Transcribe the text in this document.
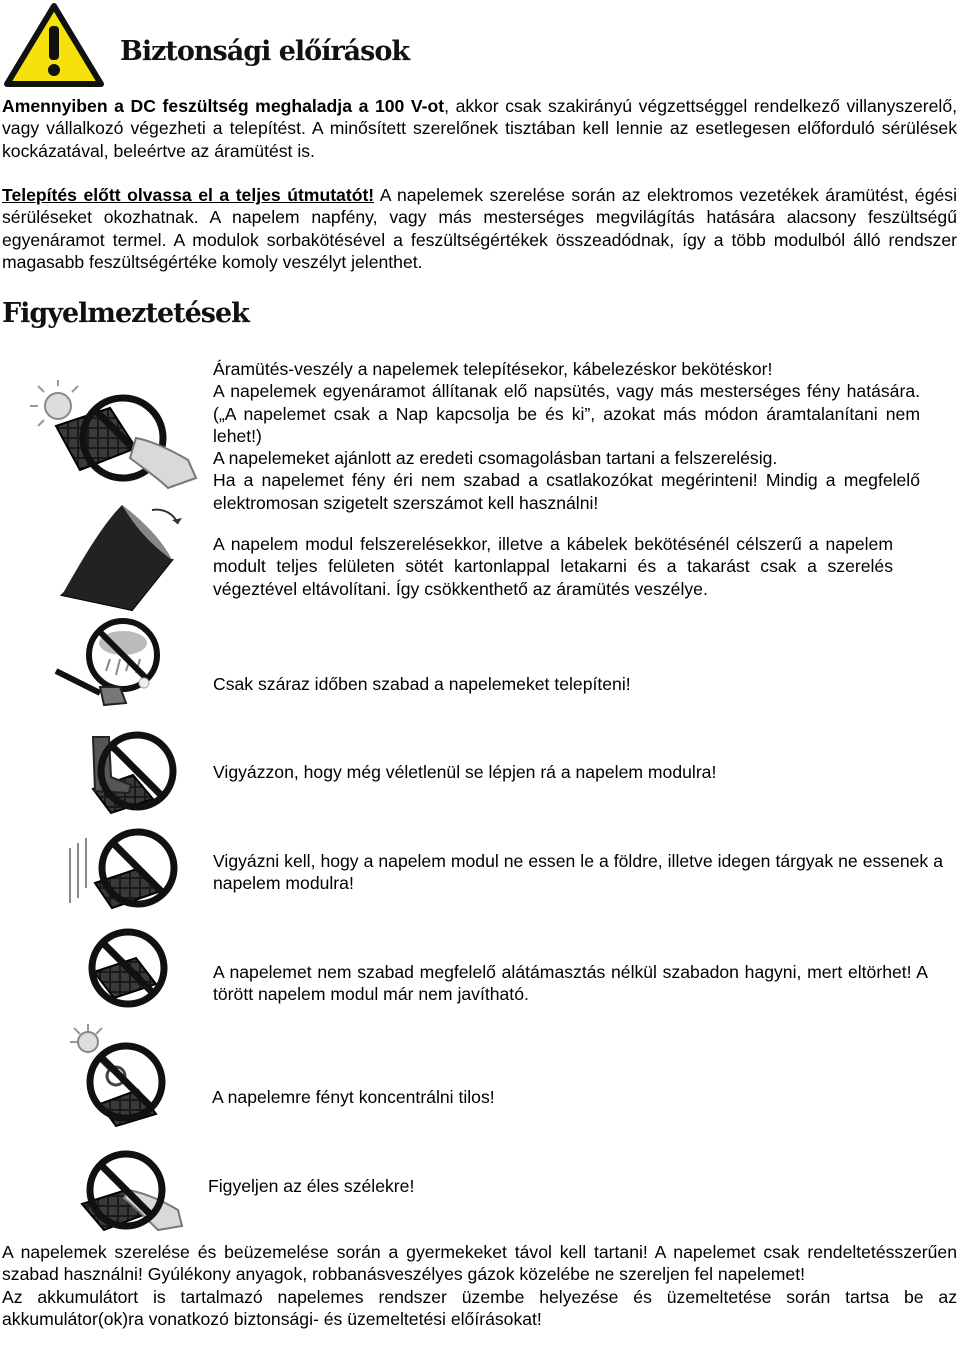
Biztonsági előírások

Amennyiben a DC feszültség meghaladja a 100 V-ot, akkor csak szakirányú végzettséggel rendelkező villanyszerelő, vagy vállalkozó végezheti a telepítést. A minősített szerelőnek tisztában kell lennie az esetlegesen előforduló sérülések kockázatával, beleértve az áramütést is.

Telepítés előtt olvassa el a teljes útmutatót! A napelemek szerelése során az elektromos vezetékek áramütést, égési sérüléseket okozhatnak. A napelem napfény, vagy más mesterséges megvilágítás hatására alacsony feszültségű egyenáramot termel. A modulok sorbakötésével a feszültségértékek összeadódnak, így a több modulból álló rendszer magasabb feszültségértéke komoly veszélyt jelenthet.

Figyelmeztetések

Áramütés-veszély a napelemek telepítésekor, kábelezéskor bekötéskor!

A napelemek egyenáramot állítanak elő napsütés, vagy más mesterséges fény hatására. („A napelemet csak a Nap kapcsolja be és ki”, azokat más módon áramtalanítani nem lehet!)

A napelemeket ajánlott az eredeti csomagolásban tartani a felszerelésig.

Ha a napelemet fény éri nem szabad a csatlakozókat megérinteni! Mindig a megfelelő elektromosan szigetelt szerszámot kell használni!

A napelem modul felszerelésekkor, illetve a kábelek bekötésénél célszerű a napelem modult teljes felületen sötét kartonlappal letakarni és a takarást csak a szerelés végeztével eltávolítani. Így csökkenthető az áramütés veszélye.

Csak száraz időben szabad a napelemeket telepíteni!

Vigyázzon, hogy még véletlenül se lépjen rá a napelem modulra!

Vigyázni kell, hogy a napelem modul ne essen le a földre, illetve idegen tárgyak ne essenek a napelem modulra!

A napelemet nem szabad megfelelő alátámasztás nélkül szabadon hagyni, mert eltörhet! A törött napelem modul már nem javítható.

A napelemre fényt koncentrálni tilos!

Figyeljen az éles szélekre!

A napelemek szerelése és beüzemelése során a gyermekeket távol kell tartani! A napelemet csak rendeltetésszerűen szabad használni! Gyúlékony anyagok, robbanásveszélyes gázok közelébe ne szereljen fel napelemet!

Az akkumulátort is tartalmazó napelemes rendszer üzembe helyezése és üzemeltetése során tartsa be az akkumulátor(ok)ra vonatkozó biztonsági- és üzemeltetési előírásokat!
